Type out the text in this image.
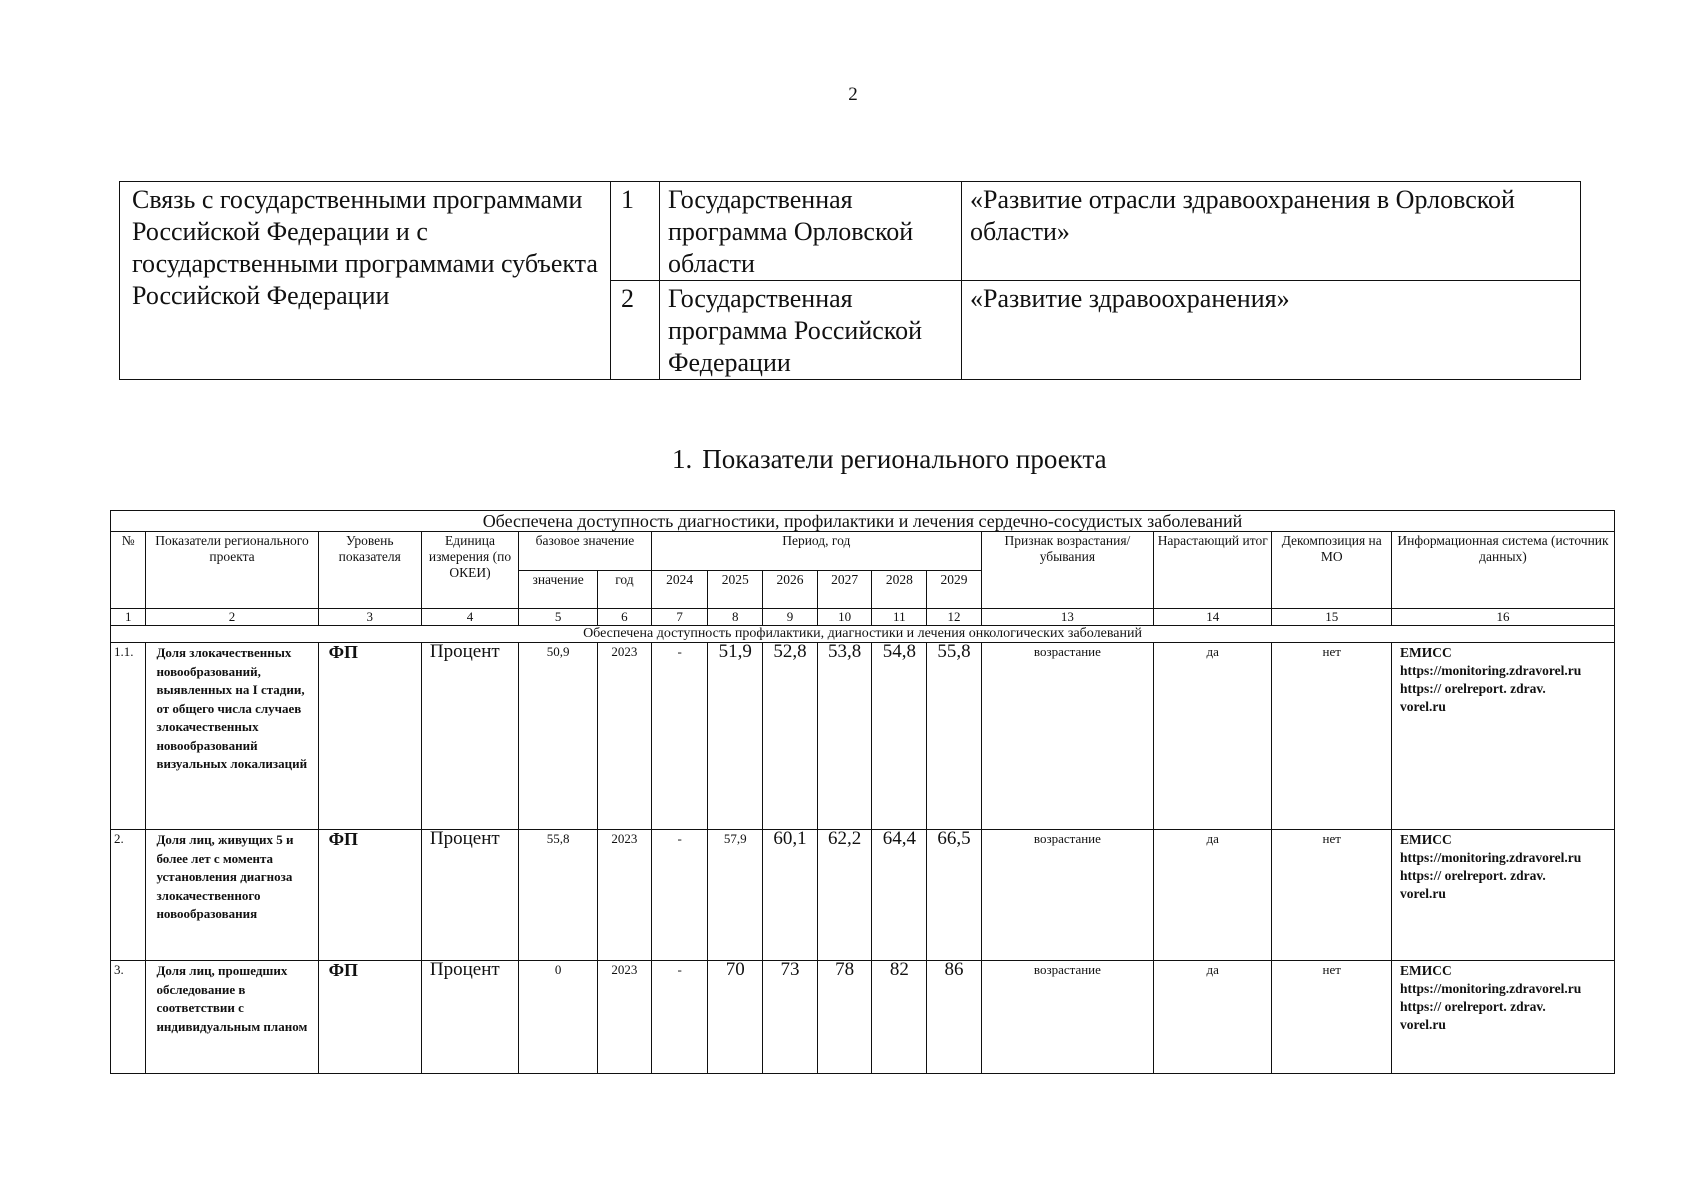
2
Связь с государственными программами Российской Федерации и с государственными программами субъекта Российской Федерации	1	Государственная программа Орловской области	«Развитие отрасли здравоохранения в Орловской области»
	2	Государственная программа Российской Федерации	«Развитие здравоохранения»
1. Показатели регионального проекта
Обеспечена доступность диагностики, профилактики и лечения сердечно-сосудистых заболеваний															
№	Показатели регионального проекта	Уровень показателя	Единица измерения (по ОКЕИ)	базовое значение		Период, год						Признак возрастания/убывания	Нарастающий итог	Декомпозиция на МО	Информационная система (источник данных)
				значение	год	2024	2025	2026	2027	2028	2029				
1	2	3	4	5	6	7	8	9	10	11	12	13	14	15	16
Обеспечена доступность профилактики, диагностики и лечения онкологических заболеваний															
1.1.	Доля злокачественных новообразований, выявленных на I стадии, от общего числа случаев злокачественных новообразований визуальных локализаций	ФП	Процент	50,9	2023	-	51,9	52,8	53,8	54,8	55,8	возрастание	да	нет	ЕМИСС
https://monitoring.zdravorel.ru
https:// orelreport. zdrav.
vorel.ru

2.	Доля лиц, живущих 5 и более лет с момента установления диагноза злокачественного новообразования	ФП	Процент	55,8	2023	-	57,9	60,1	62,2	64,4	66,5	возрастание	да	нет	ЕМИСС
https://monitoring.zdravorel.ru
https:// orelreport. zdrav.
vorel.ru

3.	Доля лиц, прошедших обследование в соответствии с индивидуальным планом	ФП	Процент	0	2023	-	70	73	78	82	86	возрастание	да	нет	ЕМИСС
https://monitoring.zdravorel.ru
https:// orelreport. zdrav.
vorel.ru
